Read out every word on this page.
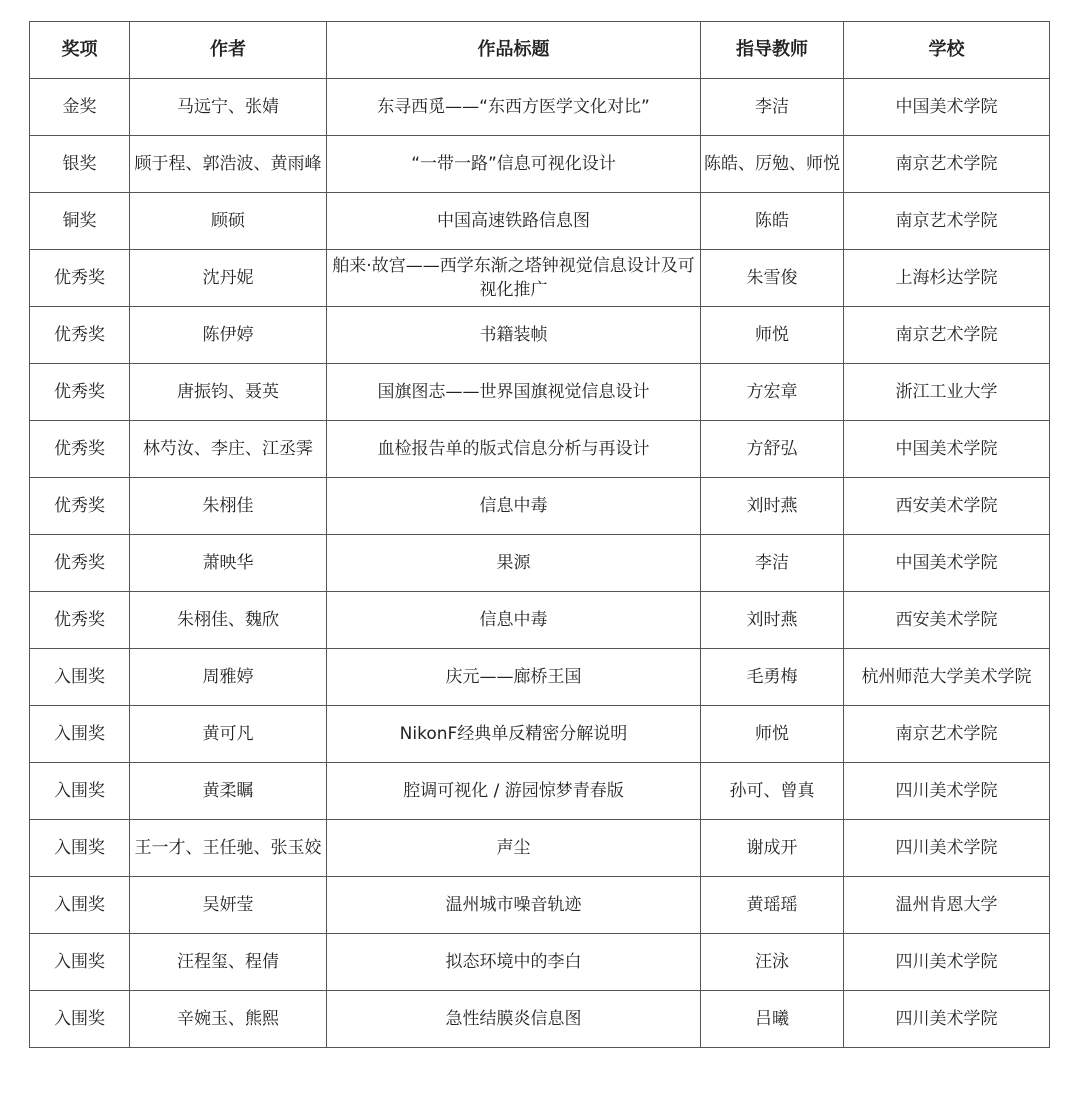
奖项	作者	作品标题	指导教师	学校
金奖	马远宁、张婧	东寻西觅——“东西方医学文化对比”	李洁	中国美术学院
银奖	顾于程、郭浩波、黄雨峰	“一带一路”信息可视化设计	陈皓、厉勉、师悦	南京艺术学院
铜奖	顾硕	中国高速铁路信息图	陈皓	南京艺术学院
优秀奖	沈丹妮	舶来·故宫——西学东渐之塔钟视觉信息设计及可视化推广	朱雪俊	上海杉达学院
优秀奖	陈伊婷	书籍装帧	师悦	南京艺术学院
优秀奖	唐振钧、聂英	国旗图志——世界国旗视觉信息设计	方宏章	浙江工业大学
优秀奖	林芍汝、李庄、江丞霁	血检报告单的版式信息分析与再设计	方舒弘	中国美术学院
优秀奖	朱栩佳	信息中毒	刘时燕	西安美术学院
优秀奖	萧映华	果源	李洁	中国美术学院
优秀奖	朱栩佳、魏欣	信息中毒	刘时燕	西安美术学院
入围奖	周雅婷	庆元——廊桥王国	毛勇梅	杭州师范大学美术学院
入围奖	黄可凡	NikonF经典单反精密分解说明	师悦	南京艺术学院
入围奖	黄柔瞩	腔调可视化 / 游园惊梦青春版	孙可、曾真	四川美术学院
入围奖	王一才、王任驰、张玉姣	声尘	谢成开	四川美术学院
入围奖	吴妍莹	温州城市噪音轨迹	黄瑶瑶	温州肯恩大学
入围奖	汪程玺、程倩	拟态环境中的李白	汪泳	四川美术学院
入围奖	辛婉玉、熊熙	急性结膜炎信息图	吕曦	四川美术学院
